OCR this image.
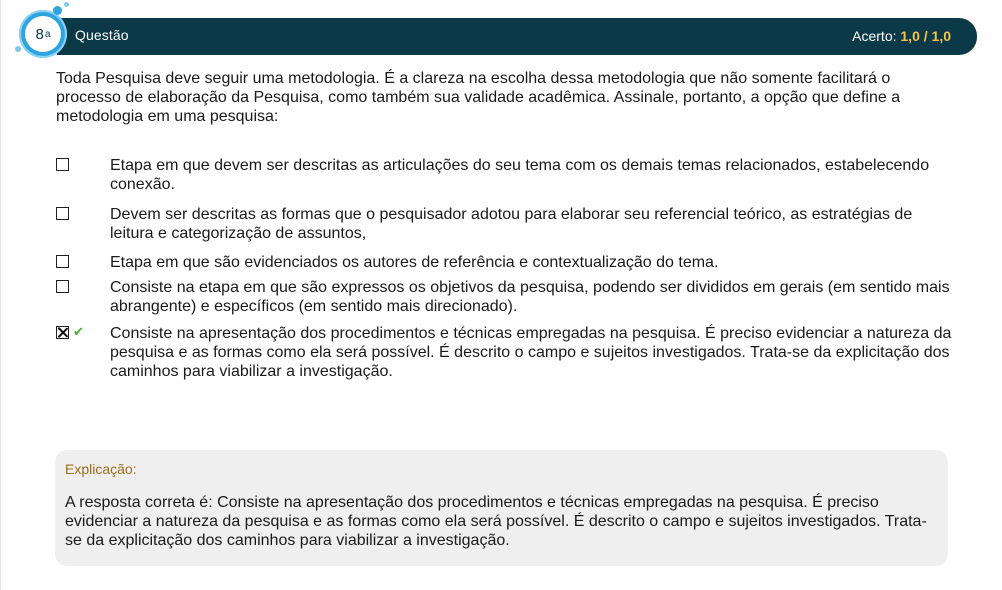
Questão	Acerto: 1,0 / 1,0
8 a
Toda Pesquisa deve seguir uma metodologia. É a clareza na escolha dessa metodologia que não somente facilitará o processo de elaboração da Pesquisa, como também sua validade acadêmica. Assinale, portanto, a opção que define a metodologia em uma pesquisa:
Etapa em que devem ser descritas as articulações do seu tema com os demais temas relacionados, estabelecendo conexão.
Devem ser descritas as formas que o pesquisador adotou para elaborar seu referencial teórico, as estratégias de leitura e categorização de assuntos,
Etapa em que são evidenciados os autores de referência e contextualização do tema.
Consiste na etapa em que são expressos os objetivos da pesquisa, podendo ser divididos em gerais (em sentido mais abrangente) e específicos (em sentido mais direcionado).
✔ Consiste na apresentação dos procedimentos e técnicas empregadas na pesquisa. É preciso evidenciar a natureza da pesquisa e as formas como ela será possível. É descrito o campo e sujeitos investigados. Trata-se da explicitação dos caminhos para viabilizar a investigação.
Explicação:
A resposta correta é: Consiste na apresentação dos procedimentos e técnicas empregadas na pesquisa. É preciso evidenciar a natureza da pesquisa e as formas como ela será possível. É descrito o campo e sujeitos investigados. Trata-se da explicitação dos caminhos para viabilizar a investigação.
